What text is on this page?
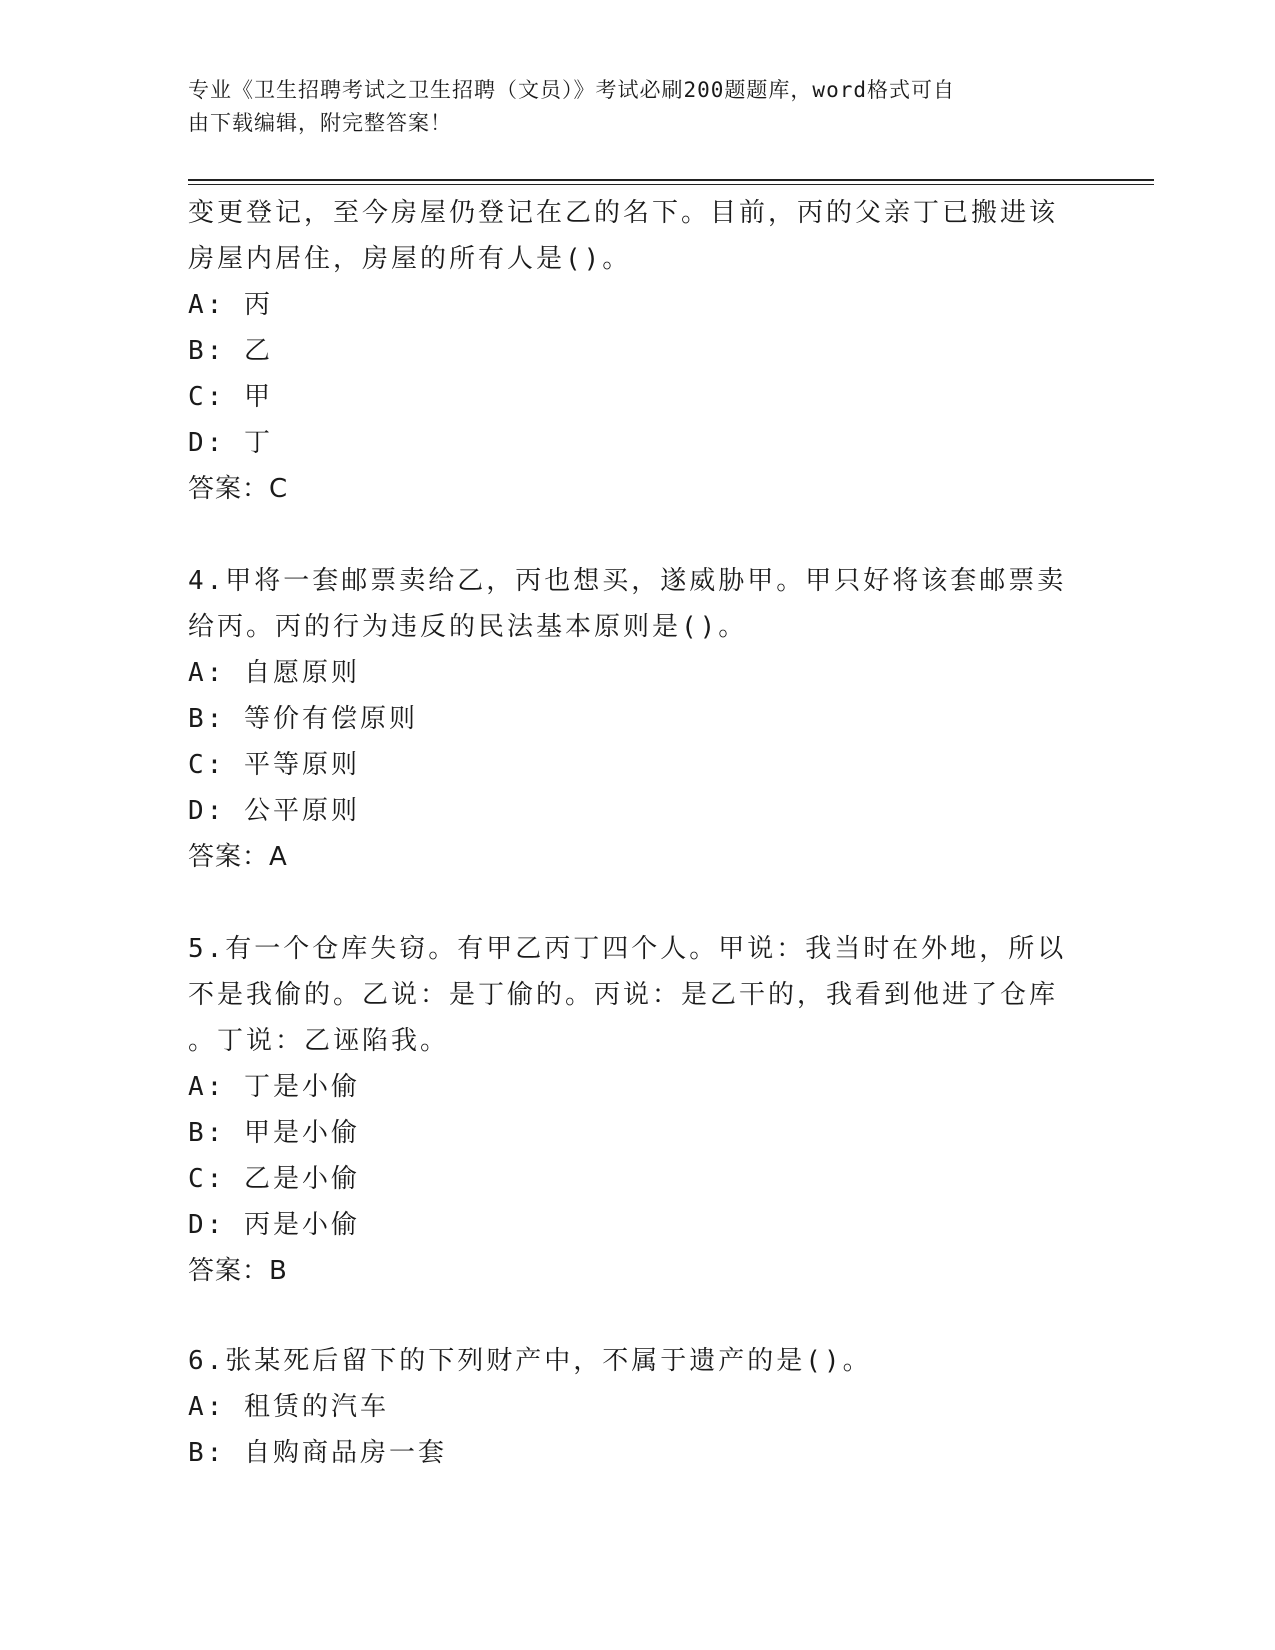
专业《卫生招聘考试之卫生招聘（文员）》考试必刷200题题库，word格式可自
由下载编辑，附完整答案！
变更登记，至今房屋仍登记在乙的名下。目前，丙的父亲丁已搬进该
房屋内居住，房屋的所有人是()。
A: 丙
B: 乙
C: 甲
D: 丁
答案：C
4.甲将一套邮票卖给乙，丙也想买，遂威胁甲。甲只好将该套邮票卖
给丙。丙的行为违反的民法基本原则是()。
A: 自愿原则
B: 等价有偿原则
C: 平等原则
D: 公平原则
答案：A
5.有一个仓库失窃。有甲乙丙丁四个人。甲说：我当时在外地，所以
不是我偷的。乙说：是丁偷的。丙说：是乙干的，我看到他进了仓库
。丁说：乙诬陷我。
A: 丁是小偷
B: 甲是小偷
C: 乙是小偷
D: 丙是小偷
答案：B
6.张某死后留下的下列财产中，不属于遗产的是()。
A: 租赁的汽车
B: 自购商品房一套
